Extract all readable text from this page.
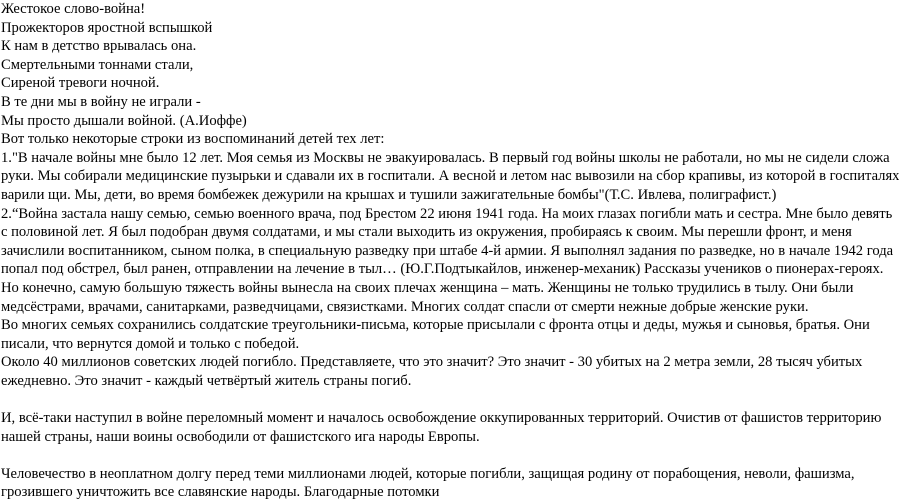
Жестокое слово-война!
Прожекторов яростной вспышкой
К нам в детство врывалась она.
Смертельными тоннами стали,
Сиреной тревоги ночной.
В те дни мы в войну не играли -
Мы просто дышали войной. (А.Иоффе)
Вот только некоторые строки из воспоминаний детей тех лет:
1."В начале войны мне было 12 лет. Моя семья из Москвы не эвакуировалась. В первый год войны школы не работали, но мы не сидели сложа
руки. Мы собирали медицинские пузырьки и сдавали их в госпитали. А весной и летом нас вывозили на сбор крапивы, из которой в госпиталях
варили щи. Мы, дети, во время бомбежек дежурили на крышах и тушили зажигательные бомбы"(Т.С. Ивлева, полиграфист.)
2.“Война застала нашу семью, семью военного врача, под Брестом 22 июня 1941 года. На моих глазах погибли мать и сестра. Мне было девять
с половиной лет. Я был подобран двумя солдатами, и мы стали выходить из окружения, пробираясь к своим. Мы перешли фронт, и меня
зачислили воспитанником, сыном полка, в специальную разведку при штабе 4-й армии. Я выполнял задания по разведке, но в начале 1942 года
попал под обстрел, был ранен, отправлении на лечение в тыл… (Ю.Г.Подтыкайлов, инженер-механик) Рассказы учеников о пионерах-героях.
Но конечно, самую большую тяжесть войны вынесла на своих плечах женщина – мать. Женщины не только трудились в тылу. Они были
медсёстрами, врачами, санитарками, разведчицами, связистками. Многих солдат спасли от смерти нежные добрые женские руки.
Во многих семьях сохранились солдатские треугольники-письма, которые присылали с фронта отцы и деды, мужья и сыновья, братья. Они
писали, что вернутся домой и только с победой.
Около 40 миллионов советских людей погибло. Представляете, что это значит? Это значит - 30 убитых на 2 метра земли, 28 тысяч убитых
ежедневно. Это значит - каждый четвёртый житель страны погиб.
И, всё-таки наступил в войне переломный момент и началось освобождение оккупированных территорий. Очистив от фашистов территорию
нашей страны, наши воины освободили от фашистского ига народы Европы.
Человечество в неоплатном долгу перед теми миллионами людей, которые погибли, защищая родину от порабощения, неволи, фашизма,
грозившего уничтожить все славянские народы. Благодарные потомки
